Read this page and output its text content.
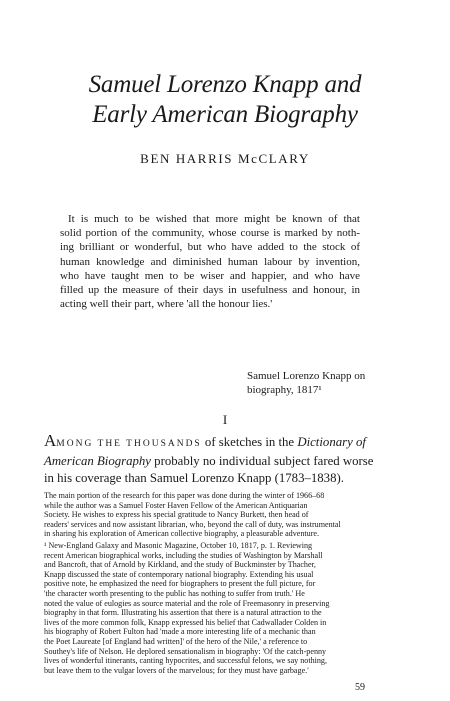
Samuel Lorenzo Knapp and
Early American Biography

BEN HARRIS McCLARY

It is much to be wished that more might be known of that
solid portion of the community, whose course is marked by noth-
ing brilliant or wonderful, but who have added to the stock of
human knowledge and diminished human labour by invention,
who have taught men to be wiser and happier, and who have
filled up the measure of their days in usefulness and honour, in
acting well their part, where 'all the honour lies.'
Samuel Lorenzo Knapp on
biography, 1817¹

I

AMONG THE THOUSANDS of sketches in the Dictionary of
American Biography probably no individual subject fared worse
in his coverage than Samuel Lorenzo Knapp (1783–1838).
The main portion of the research for this paper was done during the winter of 1966–68
while the author was a Samuel Foster Haven Fellow of the American Antiquarian
Society. He wishes to express his special gratitude to Nancy Burkett, then head of
readers' services and now assistant librarian, who, beyond the call of duty, was instrumental
in sharing his exploration of American collective biography, a pleasurable adventure.
¹ New-England Galaxy and Masonic Magazine, October 10, 1817, p. 1. Reviewing
recent American biographical works, including the studies of Washington by Marshall
and Bancroft, that of Arnold by Kirkland, and the study of Buckminster by Thacher,
Knapp discussed the state of contemporary national biography. Extending his usual
positive note, he emphasized the need for biographers to present the full picture, for
'the character worth presenting to the public has nothing to suffer from truth.' He
noted the value of eulogies as source material and the role of Freemasonry in preserving
biography in that form. Illustrating his assertion that there is a natural attraction to the
lives of the more common folk, Knapp expressed his belief that Cadwallader Colden in
his biography of Robert Fulton had 'made a more interesting life of a mechanic than
the Poet Laureate [of England had written]' of the hero of the Nile,' a reference to
Southey's life of Nelson. He deplored sensationalism in biography: 'Of the catch-penny
lives of wonderful itinerants, canting hypocrites, and successful felons, we say nothing,
but leave them to the vulgar lovers of the marvelous; for they must have garbage.'
59
